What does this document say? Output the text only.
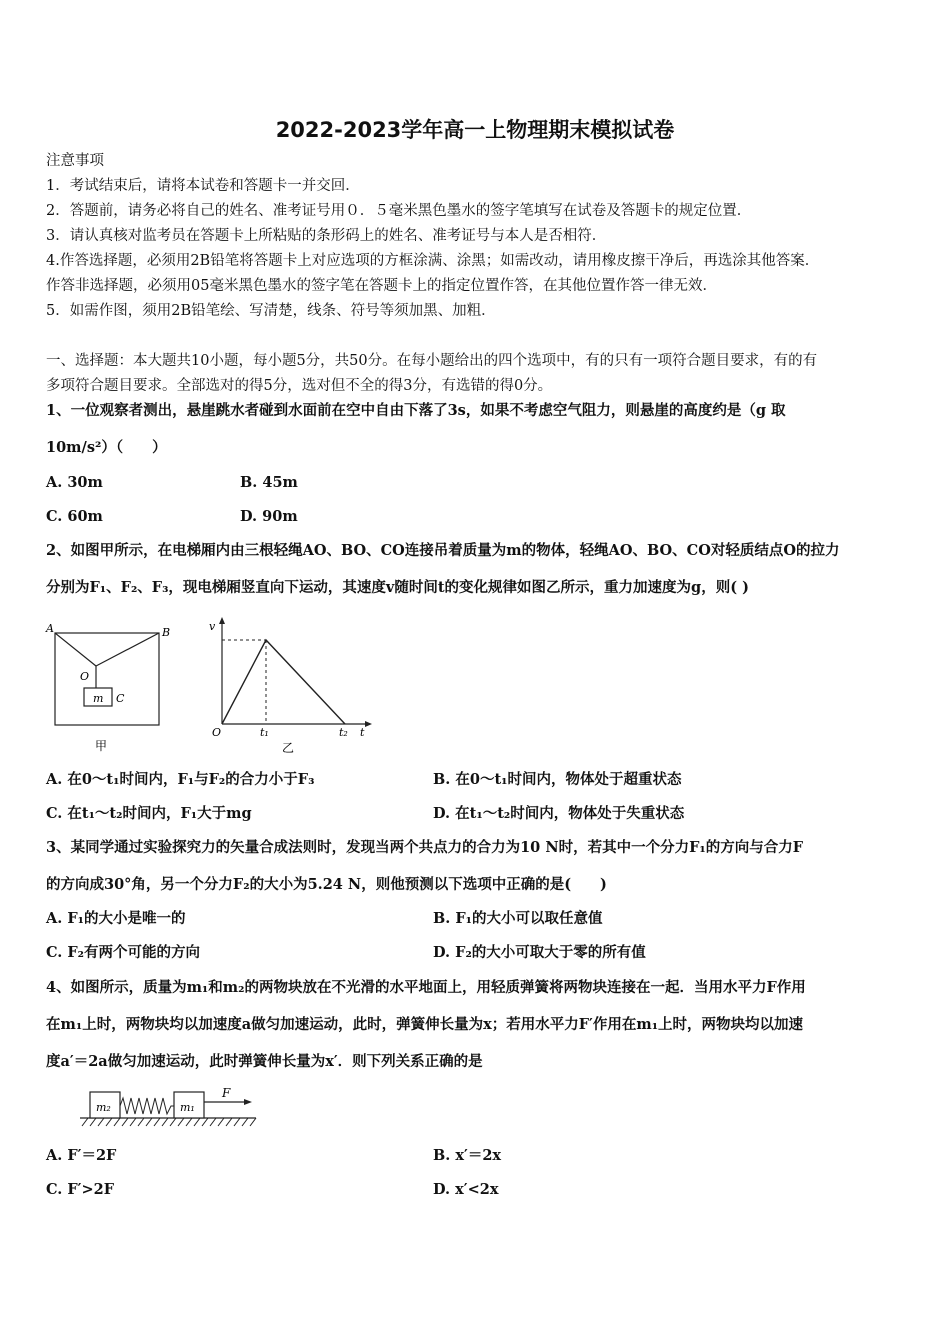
2022-2023学年高一上物理期末模拟试卷
注意事项
1．考试结束后，请将本试卷和答题卡一并交回．
2．答题前，请务必将自己的姓名、准考证号用０．５毫米黑色墨水的签字笔填写在试卷及答题卡的规定位置．
3．请认真核对监考员在答题卡上所粘贴的条形码上的姓名、准考证号与本人是否相符．
4.作答选择题，必须用2B铅笔将答题卡上对应选项的方框涂满、涂黑；如需改动，请用橡皮擦干净后，再选涂其他答案．
作答非选择题，必须用05毫米黑色墨水的签字笔在答题卡上的指定位置作答，在其他位置作答一律无效．
5．如需作图，须用2B铅笔绘、写清楚，线条、符号等须加黑、加粗．
一、选择题：本大题共10小题，每小题5分，共50分。在每小题给出的四个选项中，有的只有一项符合题目要求，有的有
多项符合题目要求。全部选对的得5分，选对但不全的得3分，有选错的得0分。
1、一位观察者测出，悬崖跳水者碰到水面前在空中自由下落了3s，如果不考虑空气阻力，则悬崖的高度约是（g 取
10m/s²）（　　）
A. 30m	B. 45m
C. 60m	D. 90m
2、如图甲所示，在电梯厢内由三根轻绳AO、BO、CO连接吊着质量为m的物体，轻绳AO、BO、CO对轻质结点O的拉力
分别为F₁、F₂、F₃，现电梯厢竖直向下运动，其速度v随时间t的变化规律如图乙所示，重力加速度为g，则( )
A	B
O
m C
甲
v
O	t₁	t₂ t
乙
A. 在0～t₁时间内，F₁与F₂的合力小于F₃	B. 在0～t₁时间内，物体处于超重状态
C. 在t₁～t₂时间内，F₁大于mg	D. 在t₁～t₂时间内，物体处于失重状态
3、某同学通过实验探究力的矢量合成法则时，发现当两个共点力的合力为10 N时，若其中一个分力F₁的方向与合力F
的方向成30°角，另一个分力F₂的大小为5.24 N，则他预测以下选项中正确的是(　　)
A. F₁的大小是唯一的	B. F₁的大小可以取任意值
C. F₂有两个可能的方向	D. F₂的大小可取大于零的所有值
4、如图所示，质量为m₁和m₂的两物块放在不光滑的水平地面上，用轻质弹簧将两物块连接在一起．当用水平力F作用
在m₁上时，两物块均以加速度a做匀加速运动，此时，弹簧伸长量为x；若用水平力F′作用在m₁上时，两物块均以加速
度a′＝2a做匀加速运动，此时弹簧伸长量为x′．则下列关系正确的是
m₂	m₁
F
A. F′＝2F	B. x′＝2x
C. F′>2F	D. x′<2x
